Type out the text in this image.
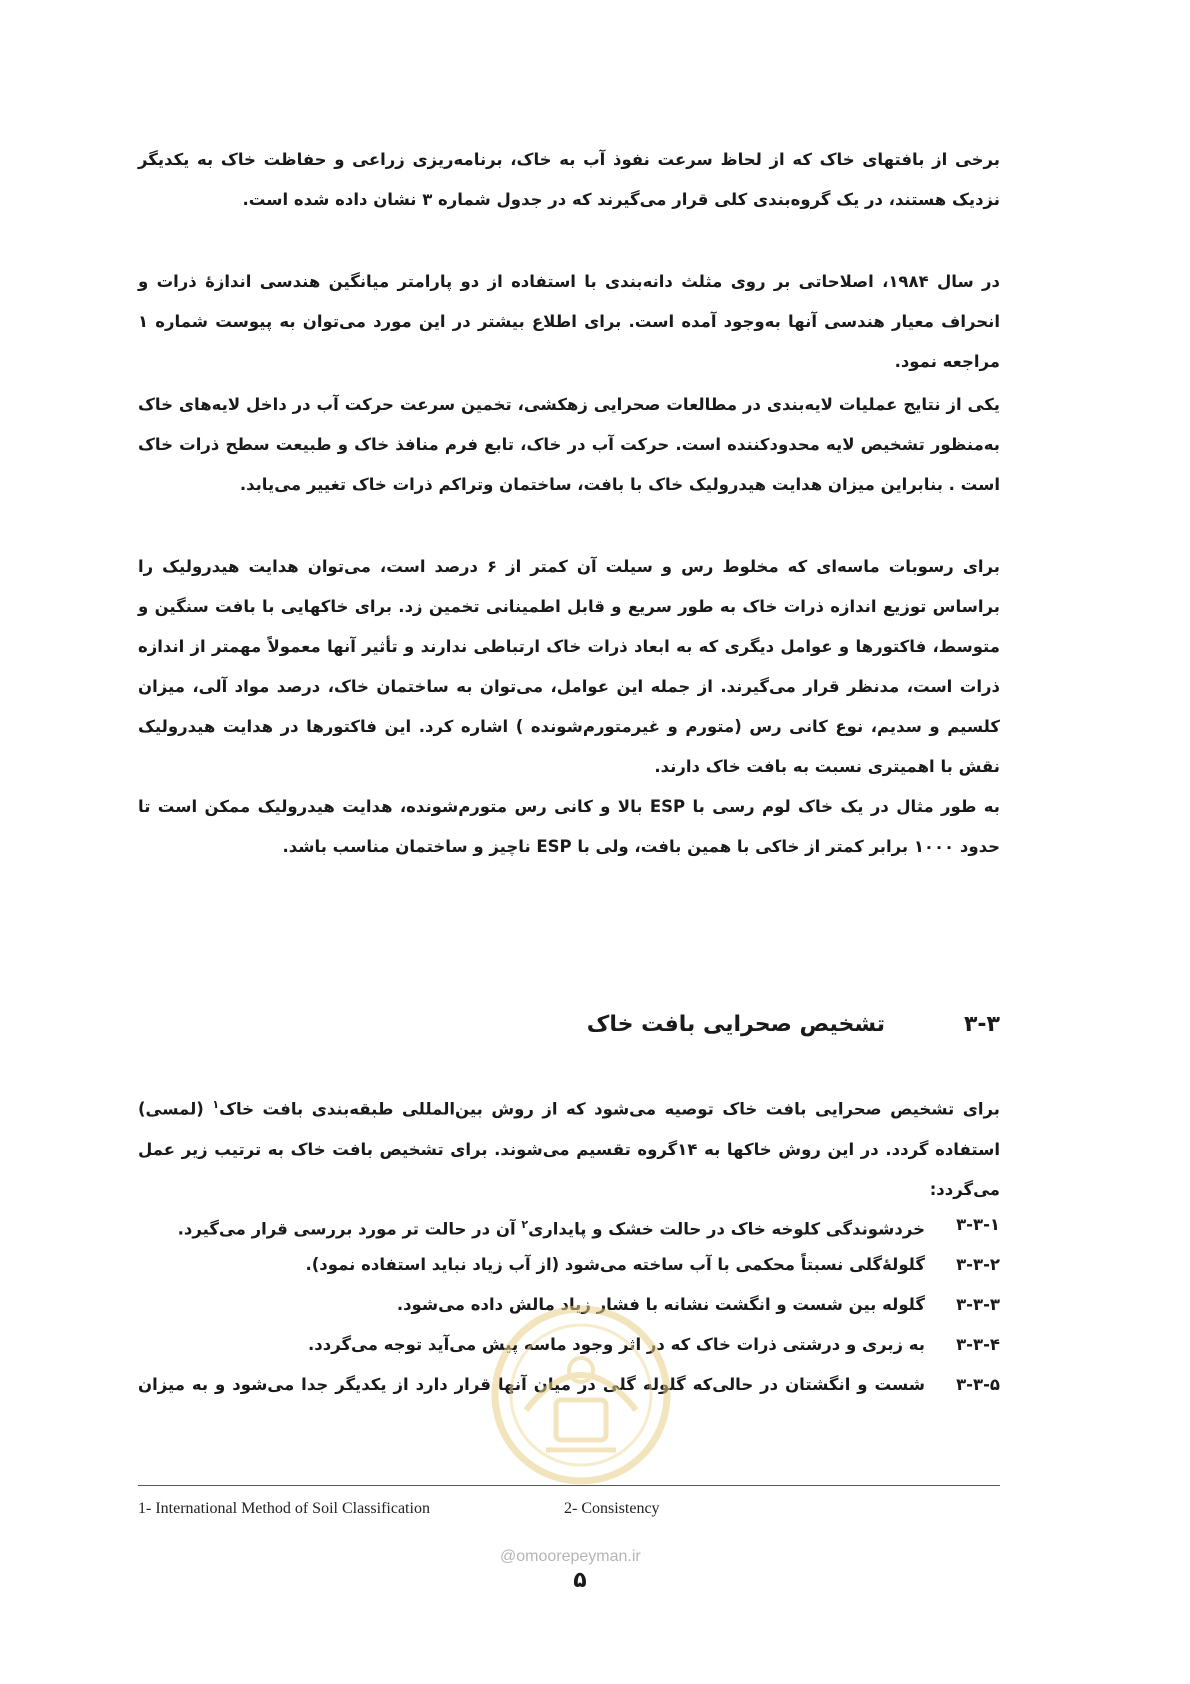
برخی از بافتهای خاک که از لحاظ سرعت نفوذ آب به خاک، برنامه‌ریزی زراعی و حفاظت خاک به یکدیگر نزدیک هستند، در یک گروه‌بندی کلی قرار می‌گیرند که در جدول شماره ۳ نشان داده شده است.

در سال ۱۹۸۴، اصلاحاتی بر روی مثلث دانه‌بندی با استفاده از دو پارامتر میانگین هندسی اندازهٔ ذرات و انحراف معیار هندسی آنها به‌وجود آمده است. برای اطلاع بیشتر در این مورد می‌توان به پیوست شماره ۱ مراجعه نمود.

یکی از نتایج عملیات لایه‌بندی در مطالعات صحرایی زهکشی، تخمین سرعت حرکت آب در داخل لایه‌های خاک به‌منظور تشخیص لایه محدودکننده است. حرکت آب در خاک، تابع فرم منافذ خاک و طبیعت سطح ذرات خاک است . بنابراین میزان هدایت هیدرولیک خاک با بافت، ساختمان وتراکم ذرات خاک تغییر می‌یابد.

برای رسوبات ماسه‌ای که مخلوط رس و سیلت آن کمتر از ۶ درصد است، می‌توان هدایت هیدرولیک را براساس توزیع اندازه ذرات خاک به طور سریع و قابل اطمینانی تخمین زد. برای خاکهایی با بافت سنگین و متوسط، فاکتورها و عوامل دیگری که به ابعاد ذرات خاک ارتباطی ندارند و تأثیر آنها معمولاً مهمتر از اندازه ذرات است، مدنظر قرار می‌گیرند. از جمله این عوامل، می‌توان به ساختمان خاک، درصد مواد آلی، میزان کلسیم و سدیم، نوع کانی رس (متورم و غیرمتورم‌شونده ) اشاره کرد. این فاکتورها در هدایت هیدرولیک نقش با اهمیتری نسبت به بافت خاک دارند.

به طور مثال در یک خاک لوم رسی با ESP بالا و کانی رس متورم‌شونده، هدایت هیدرولیک ممکن است تا حدود ۱۰۰۰ برابر کمتر از خاکی با همین بافت، ولی با ESP ناچیز و ساختمان مناسب باشد.

۳-۳
تشخیص صحرایی بافت خاک

برای تشخیص صحرایی بافت خاک توصیه می‌شود که از روش بین‌المللی طبقه‌بندی بافت خاک$^۱$ (لمسی) استفاده گردد. در این روش خاکها به ۱۴گروه تقسیم می‌شوند. برای تشخیص بافت خاک به ترتیب زیر عمل می‌گردد:

۳-۳-۱
خردشوندگی کلوخه خاک در حالت خشک و پایداری$^۲$ آن در حالت تر مورد بررسی قرار می‌گیرد.
۳-۳-۲
گلولهٔ‌گلی نسبتاً محکمی با آب ساخته می‌شود (از آب زیاد نباید استفاده نمود).
۳-۳-۳
گلوله بین شست و انگشت نشانه با فشار زیاد مالش داده می‌شود.
۳-۳-۴
به زبری و درشتی ذرات خاک که در اثر وجود ماسه پیش می‌آید توجه می‌گردد.
۳-۳-۵
شست و انگشتان در حالی‌که گلوله گلی در میان آنها قرار دارد از یکدیگر جدا می‌شود و به میزان
1- International Method of Soil Classification	2- Consistency
@omoorepeyman.ir
۵
